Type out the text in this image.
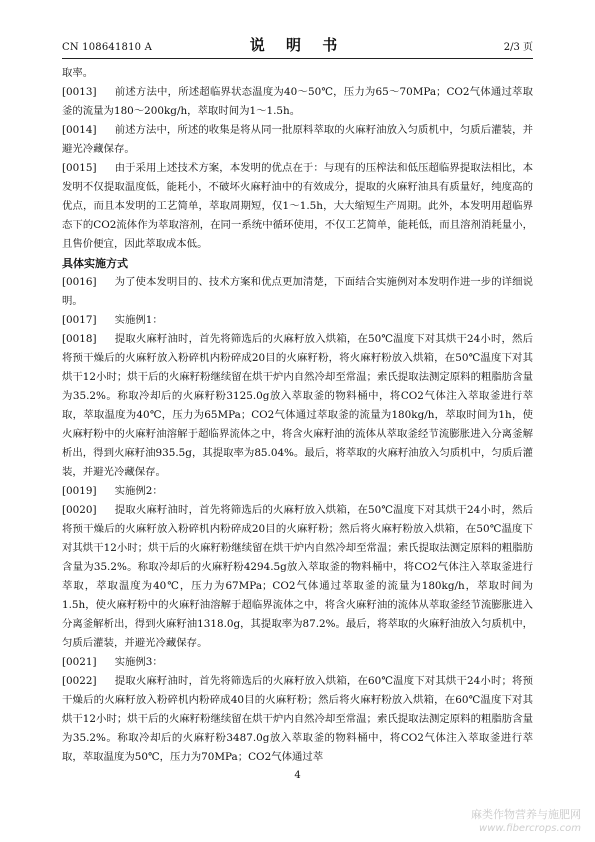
CN 108641810 A	说 明 书	2/3 页

取率。

[0013] 前述方法中，所述超临界状态温度为40～50℃，压力为65～70MPa；CO2气体通过萃取釜的流量为180～200kg/h，萃取时间为1～1.5h。

[0014] 前述方法中，所述的收集是将从同一批原料萃取的火麻籽油放入匀质机中，匀质后灌装，并避光冷藏保存。

[0015] 由于采用上述技术方案，本发明的优点在于：与现有的压榨法和低压超临界提取法相比，本发明不仅提取温度低，能耗小，不破坏火麻籽油中的有效成分，提取的火麻籽油具有质量好，纯度高的优点，而且本发明的工艺简单，萃取周期短，仅1～1.5h，大大缩短生产周期。此外，本发明用超临界态下的CO2流体作为萃取溶剂，在同一系统中循环使用，不仅工艺简单，能耗低，而且溶剂消耗量小，且售价便宜，因此萃取成本低。

具体实施方式

[0016] 为了使本发明目的、技术方案和优点更加清楚，下面结合实施例对本发明作进一步的详细说明。

[0017] 实施例1：

[0018] 提取火麻籽油时，首先将筛选后的火麻籽放入烘箱，在50℃温度下对其烘干24小时，然后将预干燥后的火麻籽放入粉碎机内粉碎成20目的火麻籽粉，将火麻籽粉放入烘箱，在50℃温度下对其烘干12小时；烘干后的火麻籽粉继续留在烘干炉内自然冷却至常温；索氏提取法测定原料的粗脂肪含量为35.2%。称取冷却后的火麻籽粉3125.0g放入萃取釜的物料桶中，将CO2气体注入萃取釜进行萃取，萃取温度为40℃，压力为65MPa；CO2气体通过萃取釜的流量为180kg/h，萃取时间为1h，使火麻籽粉中的火麻籽油溶解于超临界流体之中，将含火麻籽油的流体从萃取釜经节流膨胀进入分离釜解析出，得到火麻籽油935.5g，其提取率为85.04%。最后，将萃取的火麻籽油放入匀质机中，匀质后灌装，并避光冷藏保存。

[0019] 实施例2：

[0020] 提取火麻籽油时，首先将筛选后的火麻籽放入烘箱，在50℃温度下对其烘干24小时，然后将预干燥后的火麻籽放入粉碎机内粉碎成20目的火麻籽粉；然后将火麻籽粉放入烘箱，在50℃温度下对其烘干12小时；烘干后的火麻籽粉继续留在烘干炉内自然冷却至常温；索氏提取法测定原料的粗脂肪含量为35.2%。称取冷却后的火麻籽粉4294.5g放入萃取釜的物料桶中，将CO2气体注入萃取釜进行萃取，萃取温度为40℃，压力为67MPa；CO2气体通过萃取釜的流量为180kg/h，萃取时间为1.5h，使火麻籽粉中的火麻籽油溶解于超临界流体之中，将含火麻籽油的流体从萃取釜经节流膨胀进入分离釜解析出，得到火麻籽油1318.0g，其提取率为87.2%。最后，将萃取的火麻籽油放入匀质机中，匀质后灌装，并避光冷藏保存。

[0021] 实施例3：

[0022] 提取火麻籽油时，首先将筛选后的火麻籽放入烘箱，在60℃温度下对其烘干24小时；将预干燥后的火麻籽放入粉碎机内粉碎成40目的火麻籽粉；然后将火麻籽粉放入烘箱，在60℃温度下对其烘干12小时；烘干后的火麻籽粉继续留在烘干炉内自然冷却至常温；索氏提取法测定原料的粗脂肪含量为35.2%。称取冷却后的火麻籽粉3487.0g放入萃取釜的物料桶中，将CO2气体注入萃取釜进行萃取，萃取温度为50℃，压力为70MPa；CO2气体通过萃

4
麻类作物营养与施肥网
www.fibercrops.com
